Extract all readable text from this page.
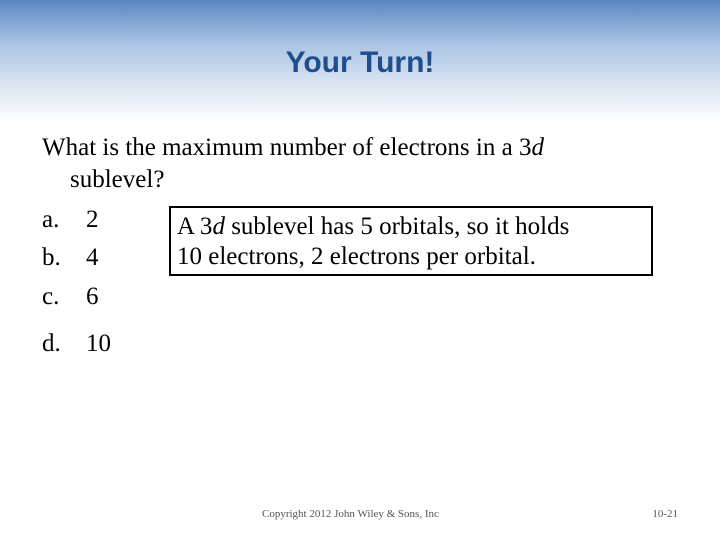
Your Turn!
What is the maximum number of electrons in a 3d
sublevel?
a. 2
b. 4
c. 6
d. 10
A 3d sublevel has 5 orbitals, so it holds
10 electrons, 2 electrons per orbital.
Copyright 2012 John Wiley & Sons, Inc	10-21
